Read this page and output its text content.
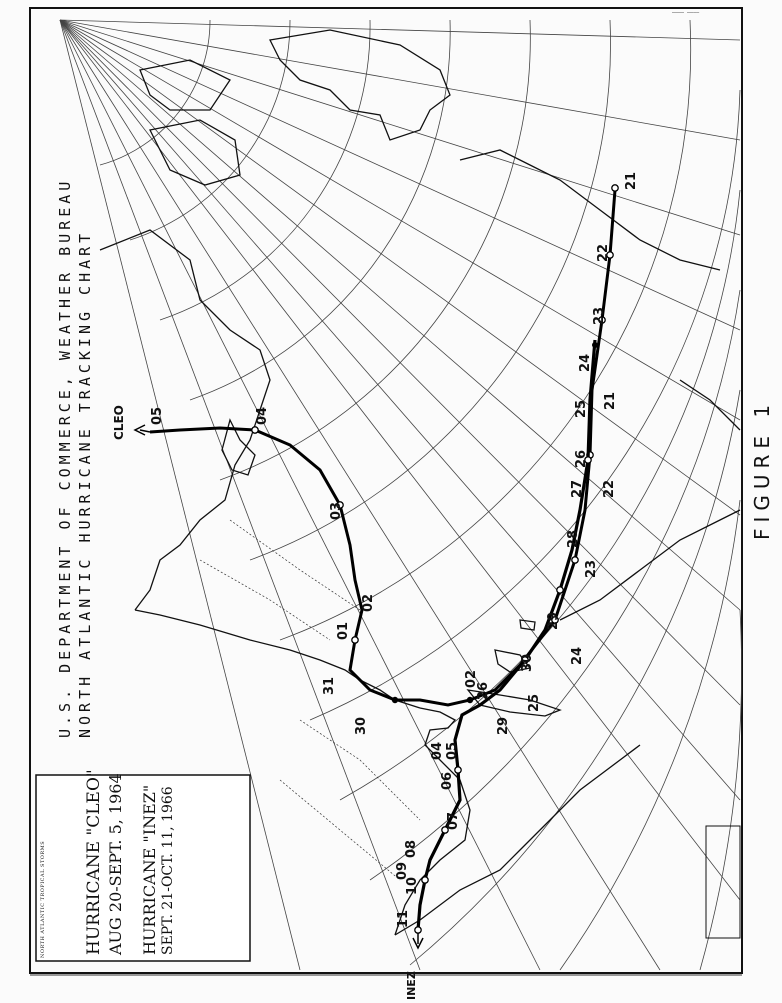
———— ————
U.S. DEPARTMENT OF COMMERCE, WEATHER BUREAU NORTH ATLANTIC HURRICANE TRACKING CHART
NORTH ATLANTIC TROPICAL STORMS HURRICANE "CLEO" AUG 20-SEPT. 5, 1964 HURRICANE "INEZ" SEPT. 21-OCT. 11, 1966
FIGURE 1
CLEO
INEZ
21
22
23
24
25
26
27
28
29
30
31
01
02
03
04
05
21
22
23
24
25
26
29
30
02
04 05
06
07
08
09
10
11
